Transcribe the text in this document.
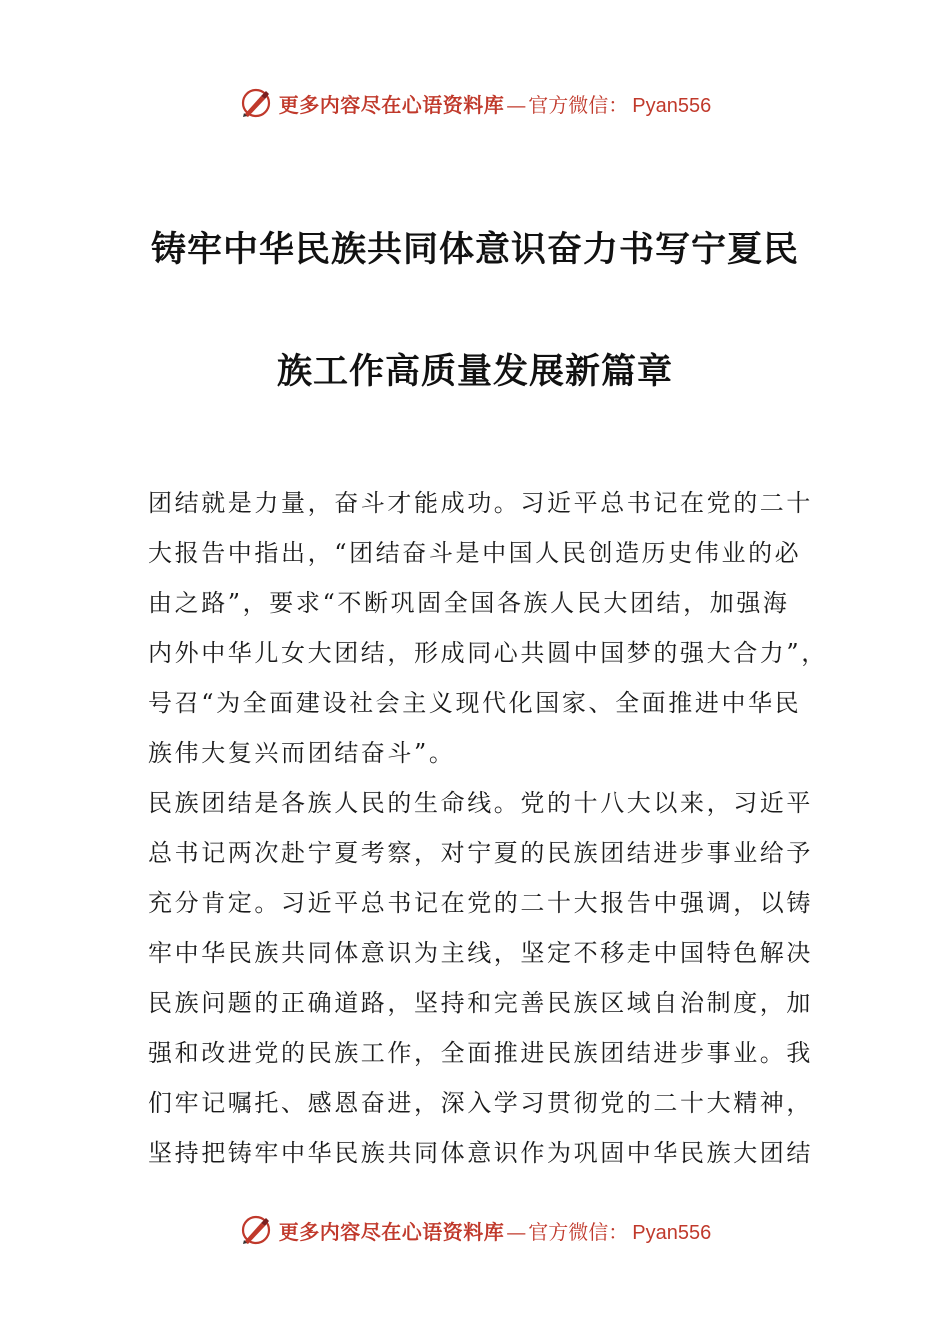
更多内容尽在心语资料库 — 官方微信： Pyan556
铸牢中华民族共同体意识奋力书写宁夏民
族工作高质量发展新篇章
团结就是力量，奋斗才能成功。习近平总书记在党的二十
大报告中指出，“团结奋斗是中国人民创造历史伟业的必
由之路”，要求“不断巩固全国各族人民大团结，加强海
内外中华儿女大团结，形成同心共圆中国梦的强大合力”，
号召“为全面建设社会主义现代化国家、全面推进中华民
族伟大复兴而团结奋斗”。
民族团结是各族人民的生命线。党的十八大以来，习近平
总书记两次赴宁夏考察，对宁夏的民族团结进步事业给予
充分肯定。习近平总书记在党的二十大报告中强调，以铸
牢中华民族共同体意识为主线，坚定不移走中国特色解决
民族问题的正确道路，坚持和完善民族区域自治制度，加
强和改进党的民族工作，全面推进民族团结进步事业。我
们牢记嘱托、感恩奋进，深入学习贯彻党的二十大精神，
坚持把铸牢中华民族共同体意识作为巩固中华民族大团结
更多内容尽在心语资料库 — 官方微信： Pyan556
